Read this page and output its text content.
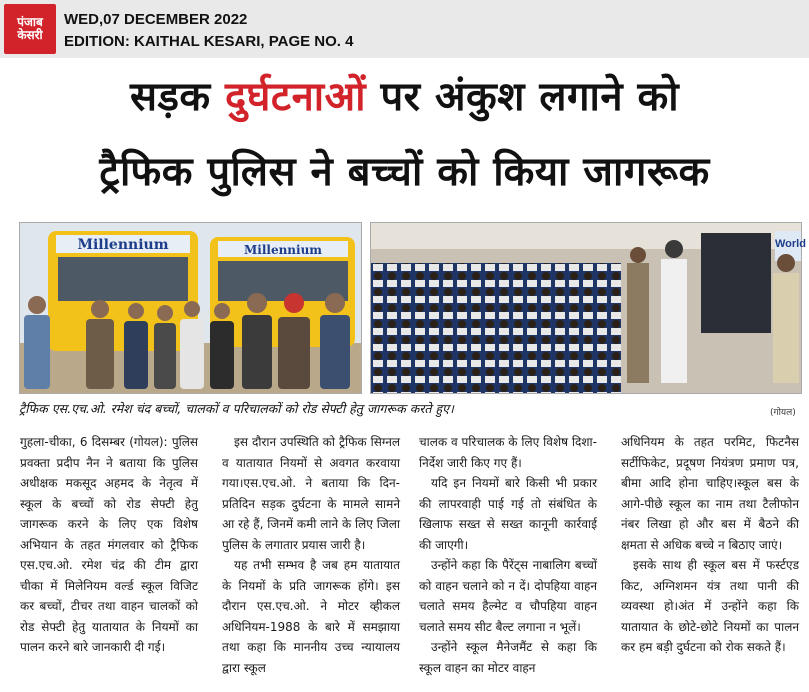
पंजाब
केसरी
WED,07 DECEMBER 2022
EDITION: KAITHAL KESARI, PAGE NO. 4
सड़क दुर्घटनाओं पर अंकुश लगाने को
ट्रैफिक पुलिस ने बच्चों को किया जागरूक
Millennium	Millennium	World
ट्रैफिक एस.एच.ओ. रमेश चंद बच्चों, चालकों व परिचालकों को रोड सेफ्टी हेतु जागरूक करते हुए।	(गोयल)

गुहला-चीका, 6 दिसम्बर (गोयल): पुलिस प्रवक्ता प्रदीप नैन ने बताया कि पुलिस अधीक्षक मकसूद अहमद के नेतृत्व में स्कूल के बच्चों को रोड सेफ्टी हेतु जागरूक करने के लिए एक विशेष अभियान के तहत मंगलवार को ट्रैफिक एस.एच.ओ. रमेश चंद्र की टीम द्वारा चीका में मिलेनियम वर्ल्ड स्कूल विजिट कर बच्चों, टीचर तथा वाहन चालकों को रोड सेफ्टी हेतु यातायात के नियमों का पालन करने बारे जानकारी दी गई।

इस दौरान उपस्थिति को ट्रैफिक सिग्नल व यातायात नियमों से अवगत करवाया गया।एस.एच.ओ. ने बताया कि दिन-प्रतिदिन सड़क दुर्घटना के मामले सामने आ रहे हैं, जिनमें कमी लाने के लिए जिला पुलिस के लगातार प्रयास जारी है।

यह तभी सम्भव है जब हम यातायात के नियमों के प्रति जागरूक होंगे। इस दौरान एस.एच.ओ. ने मोटर व्हीकल अधिनियम-1988 के बारे में समझाया तथा कहा कि माननीय उच्च न्यायालय द्वारा स्कूल

चालक व परिचालक के लिए विशेष दिशा-निर्देश जारी किए गए हैं।

यदि इन नियमों बारे किसी भी प्रकार की लापरवाही पाई गई तो संबंधित के खिलाफ सख्त से सख्त कानूनी कार्रवाई की जाएगी।

उन्होंने कहा कि पैरेंट्स नाबालिग बच्चों को वाहन चलाने को न दें। दोपहिया वाहन चलाते समय हैल्मेट व चौपहिया वाहन चलाते समय सीट बैल्ट लगाना न भूलें।

उन्होंने स्कूल मैनेजमैंट से कहा कि स्कूल वाहन का मोटर वाहन

अधिनियम के तहत परमिट, फिटनैस सर्टीफिकेट, प्रदूषण नियंत्रण प्रमाण पत्र, बीमा आदि होना चाहिए।स्कूल बस के आगे-पीछे स्कूल का नाम तथा टैलीफोन नंबर लिखा हो और बस में बैठने की क्षमता से अधिक बच्चे न बिठाए जाएं।

इसके साथ ही स्कूल बस में फर्स्टएड किट, अग्निशमन यंत्र तथा पानी की व्यवस्था हो।अंत में उन्होंने कहा कि यातायात के छोटे-छोटे नियमों का पालन कर हम बड़ी दुर्घटना को रोक सकते हैं।
